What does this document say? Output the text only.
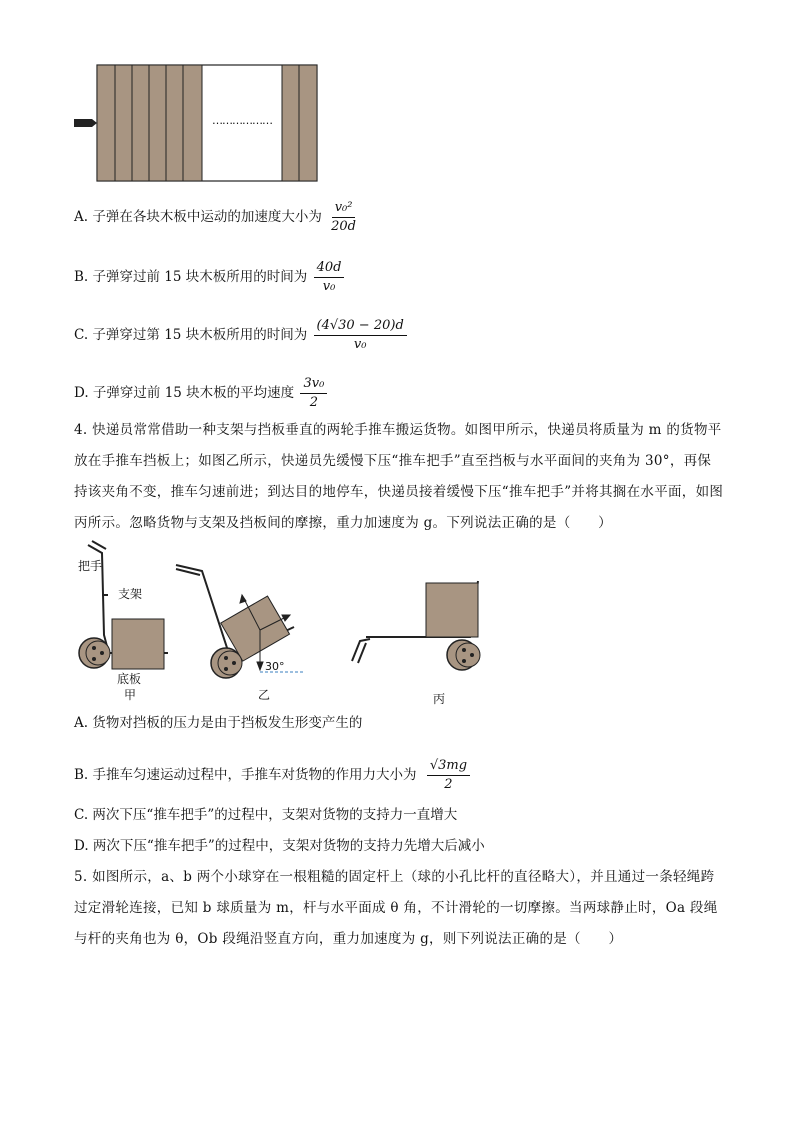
………………
A. 子弹在各块木板中运动的加速度大小为 $\frac{\text{v₀²}}{20d}$
B. 子弹穿过前 15 块木板所用的时间为 $\frac{40d}{\text{v₀}}$
C. 子弹穿过第 15 块木板所用的时间为 $\frac{(4√30 - 20)d}{\text{v₀}}$
D. 子弹穿过前 15 块木板的平均速度 $\frac{\text{3v₀}}{2}$
4. 快递员常常借助一种支架与挡板垂直的两轮手推车搬运货物。如图甲所示，快递员将质量为 m 的货物平放在手推车挡板上；如图乙所示，快递员先缓慢下压“推车把手”直至挡板与水平面间的夹角为 30°，再保持该夹角不变，推车匀速前进；到达目的地停车，快递员接着缓慢下压“推车把手”并将其搁在水平面，如图丙所示。忽略货物与支架及挡板间的摩擦，重力加速度为 g。下列说法正确的是（　　）
把手
支架
底板
甲
30°
乙	丙
A. 货物对挡板的压力是由于挡板发生形变产生的
B. 手推车匀速运动过程中，手推车对货物的作用力大小为 $\frac{√3mg}{2}$
C. 两次下压“推车把手”的过程中，支架对货物的支持力一直增大
D. 两次下压“推车把手”的过程中，支架对货物的支持力先增大后减小
5. 如图所示，a、b 两个小球穿在一根粗糙的固定杆上（球的小孔比杆的直径略大），并且通过一条轻绳跨过定滑轮连接，已知 b 球质量为 m，杆与水平面成 θ 角，不计滑轮的一切摩擦。当两球静止时，Oa 段绳与杆的夹角也为 θ，Ob 段绳沿竖直方向，重力加速度为 g，则下列说法正确的是（　　）
